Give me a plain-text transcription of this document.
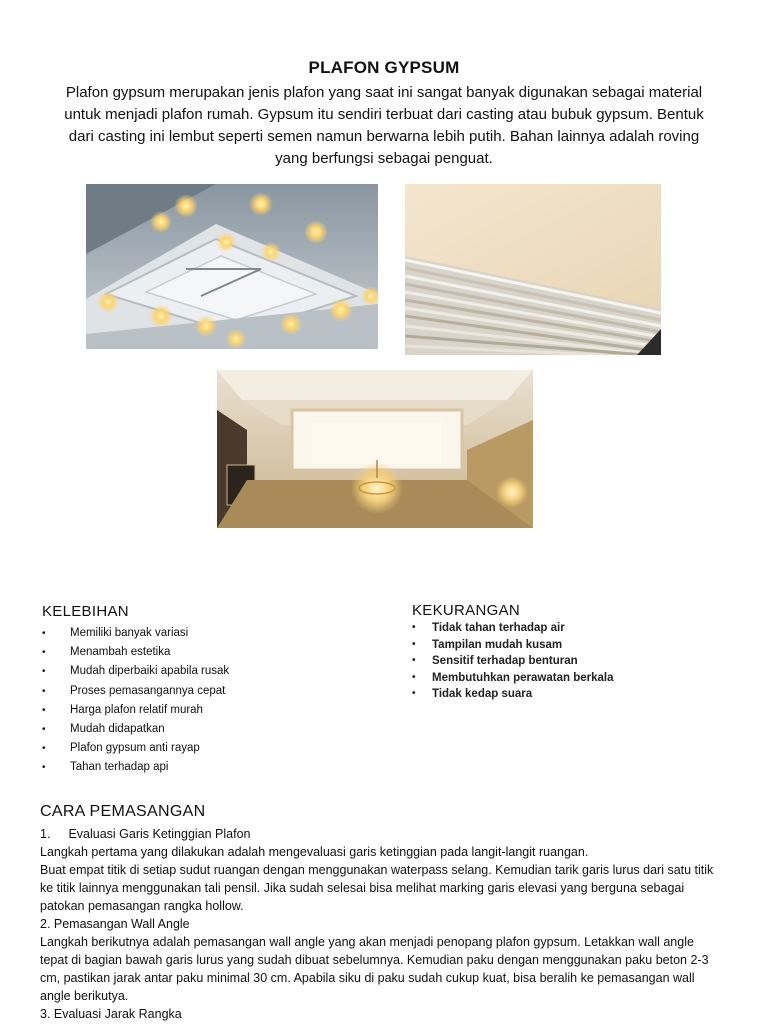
PLAFON GYPSUM
Plafon gypsum merupakan jenis plafon yang saat ini sangat banyak digunakan sebagai material untuk menjadi plafon rumah. Gypsum itu sendiri terbuat dari casting atau bubuk gypsum. Bentuk dari casting ini lembut seperti semen namun berwarna lebih putih. Bahan lainnya adalah roving yang berfungsi sebagai penguat.
KELEBIHAN
• Memiliki banyak variasi
• Menambah estetika
• Mudah diperbaiki apabila rusak
• Proses pemasangannya cepat
• Harga plafon relatif murah
• Mudah didapatkan
• Plafon gypsum anti rayap
• Tahan terhadap api
KEKURANGAN
• Tidak tahan terhadap air
• Tampilan mudah kusam
• Sensitif terhadap benturan
• Membutuhkan perawatan berkala
• Tidak kedap suara
CARA PEMASANGAN

1. Evaluasi Garis Ketinggian Plafon

Langkah pertama yang dilakukan adalah mengevaluasi garis ketinggian pada langit-langit ruangan.

Buat empat titik di setiap sudut ruangan dengan menggunakan waterpass selang. Kemudian tarik garis lurus dari satu titik ke titik lainnya menggunakan tali pensil. Jika sudah selesai bisa melihat marking garis elevasi yang berguna sebagai patokan pemasangan rangka hollow.

2. Pemasangan Wall Angle

Langkah berikutnya adalah pemasangan wall angle yang akan menjadi penopang plafon gypsum. Letakkan wall angle tepat di bagian bawah garis lurus yang sudah dibuat sebelumnya. Kemudian paku dengan menggunakan paku beton 2-3 cm, pastikan jarak antar paku minimal 30 cm. Apabila siku di paku sudah cukup kuat, bisa beralih ke pemasangan wall angle berikutya.

3. Evaluasi Jarak Rangka
